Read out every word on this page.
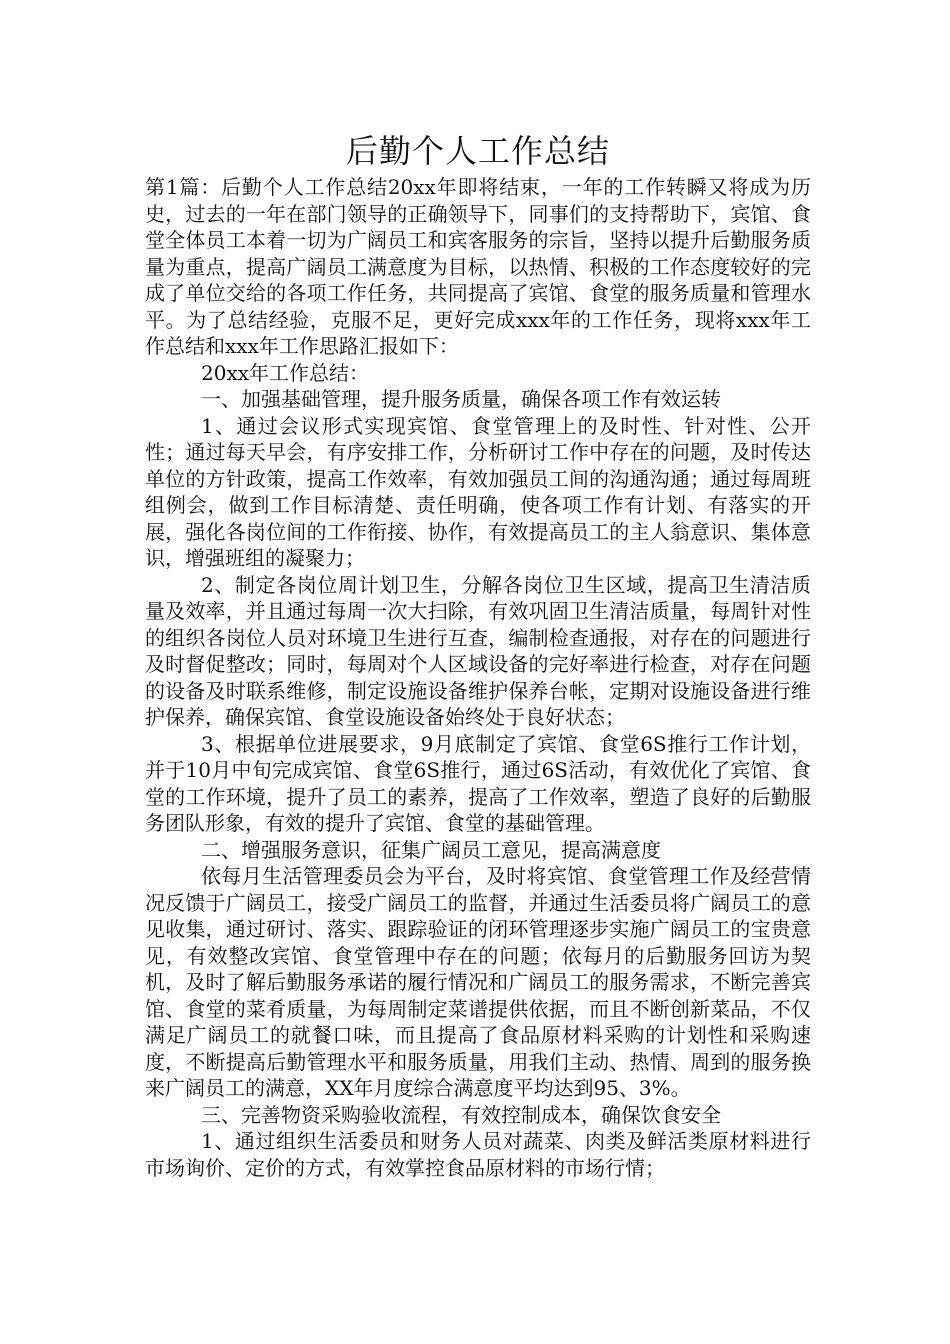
后勤个人工作总结

第1篇：后勤个人工作总结20xx年即将结束，一年的工作转瞬又将成为历史，过去的一年在部门领导的正确领导下，同事们的支持帮助下，宾馆、食堂全体员工本着一切为广阔员工和宾客服务的宗旨，坚持以提升后勤服务质量为重点，提高广阔员工满意度为目标，以热情、积极的工作态度较好的完成了单位交给的各项工作任务，共同提高了宾馆、食堂的服务质量和管理水平。为了总结经验，克服不足，更好完成xxx年的工作任务，现将xxx年工作总结和xxx年工作思路汇报如下：

20xx年工作总结：

一、加强基础管理，提升服务质量，确保各项工作有效运转

1、通过会议形式实现宾馆、食堂管理上的及时性、针对性、公开性；通过每天早会，有序安排工作，分析研讨工作中存在的问题，及时传达单位的方针政策，提高工作效率，有效加强员工间的沟通沟通；通过每周班组例会，做到工作目标清楚、责任明确，使各项工作有计划、有落实的开展，强化各岗位间的工作衔接、协作，有效提高员工的主人翁意识、集体意识，增强班组的凝聚力；

2、制定各岗位周计划卫生，分解各岗位卫生区域，提高卫生清洁质量及效率，并且通过每周一次大扫除，有效巩固卫生清洁质量，每周针对性的组织各岗位人员对环境卫生进行互查，编制检查通报，对存在的问题进行及时督促整改；同时，每周对个人区域设备的完好率进行检查，对存在问题的设备及时联系维修，制定设施设备维护保养台帐，定期对设施设备进行维护保养，确保宾馆、食堂设施设备始终处于良好状态；

3、根据单位进展要求，9月底制定了宾馆、食堂6S推行工作计划，并于10月中旬完成宾馆、食堂6S推行，通过6S活动，有效优化了宾馆、食堂的工作环境，提升了员工的素养，提高了工作效率，塑造了良好的后勤服务团队形象，有效的提升了宾馆、食堂的基础管理。

二、增强服务意识，征集广阔员工意见，提高满意度

依每月生活管理委员会为平台，及时将宾馆、食堂管理工作及经营情况反馈于广阔员工，接受广阔员工的监督，并通过生活委员将广阔员工的意见收集，通过研讨、落实、跟踪验证的闭环管理逐步实施广阔员工的宝贵意见，有效整改宾馆、食堂管理中存在的问题；依每月的后勤服务回访为契机，及时了解后勤服务承诺的履行情况和广阔员工的服务需求，不断完善宾馆、食堂的菜肴质量，为每周制定菜谱提供依据，而且不断创新菜品，不仅满足广阔员工的就餐口味，而且提高了食品原材料采购的计划性和采购速度，不断提高后勤管理水平和服务质量，用我们主动、热情、周到的服务换来广阔员工的满意，XX年月度综合满意度平均达到95、3%。

三、完善物资采购验收流程，有效控制成本，确保饮食安全

1、通过组织生活委员和财务人员对蔬菜、肉类及鲜活类原材料进行市场询价、定价的方式，有效掌控食品原材料的市场行情；
